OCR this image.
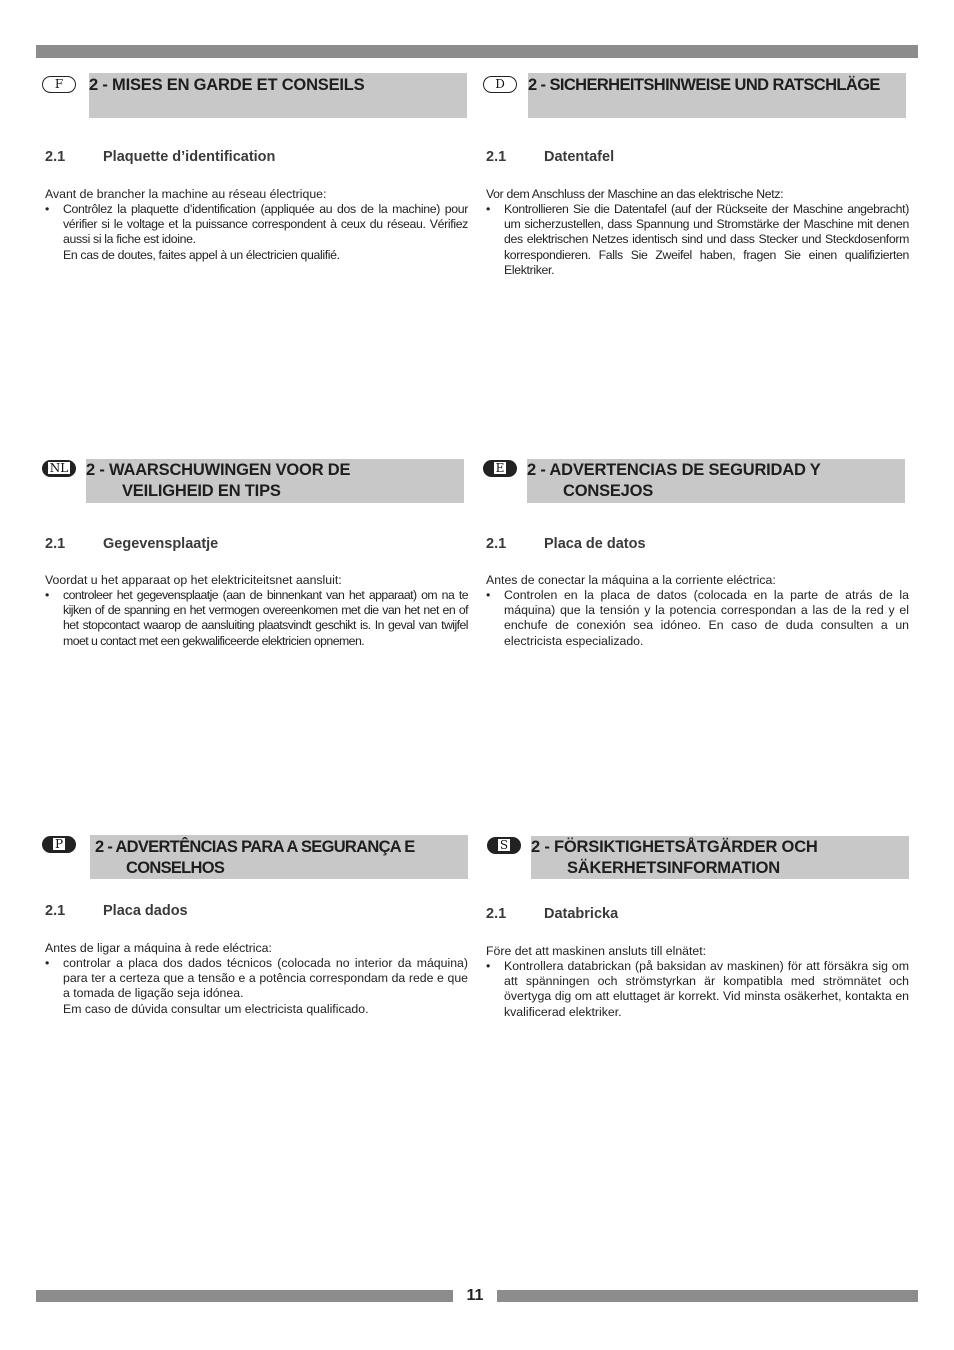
F	2 - MISES EN GARDE ET CONSEILS
2.1	Plaquette d’identification
Avant de brancher la machine au réseau électrique:
• Contrôlez la plaquette d’identification (appliquée au dos de la machine) pour vérifier si le voltage et la puissance correspondent à ceux du réseau. Vérifiez aussi si la fiche est idoine.
En cas de doutes, faites appel à un électricien qualifié.
D	2 - SICHERHEITSHINWEISE UND RATSCHLÄGE
2.1	Datentafel
Vor dem Anschluss der Maschine an das elektrische Netz:
• Kontrollieren Sie die Datentafel (auf der Rückseite der Maschine angebracht) um sicherzustellen, dass Spannung und Stromstärke der Maschine mit denen des elektrischen Netzes identisch sind und dass Stecker und Steckdosenform korrespondieren. Falls Sie Zweifel haben, fragen Sie einen qualifizierten Elektriker.
NL	2 - WAARSCHUWINGEN VOOR DE
VEILIGHEID EN TIPS
2.1	Gegevensplaatje
Voordat u het apparaat op het elektriciteitsnet aansluit:
• controleer het gegevensplaatje (aan de binnenkant van het apparaat) om na te kijken of de spanning en het vermogen overeenkomen met die van het net en of het stopcontact waarop de aansluiting plaatsvindt geschikt is. In geval van twijfel moet u contact met een gekwalificeerde elektricien opnemen.
E	2 - ADVERTENCIAS DE SEGURIDAD Y
CONSEJOS
2.1	Placa de datos
Antes de conectar la máquina a la corriente eléctrica:
• Controlen en la placa de datos (colocada en la parte de atrás de la máquina) que la tensión y la potencia correspondan a las de la red y el enchufe de conexión sea idóneo. En caso de duda consulten a un electricista especializado.
P	2 - ADVERTÊNCIAS PARA A SEGURANÇA E
CONSELHOS
2.1	Placa dados
Antes de ligar a máquina à rede eléctrica:
• controlar a placa dos dados técnicos (colocada no interior da máquina) para ter a certeza que a tensão e a potência correspondam da rede e que a tomada de ligação seja idónea.
Em caso de dúvida consultar um electricista qualificado.
S	2 - FÖRSIKTIGHETSÅTGÄRDER OCH
SÄKERHETSINFORMATION
2.1	Databricka
Före det att maskinen ansluts till elnätet:
• Kontrollera databrickan (på baksidan av maskinen) för att försäkra sig om att spänningen och strömstyrkan är kompatibla med strömnätet och övertyga dig om att eluttaget är korrekt. Vid minsta osäkerhet, kontakta en kvalificerad elektriker.
11
